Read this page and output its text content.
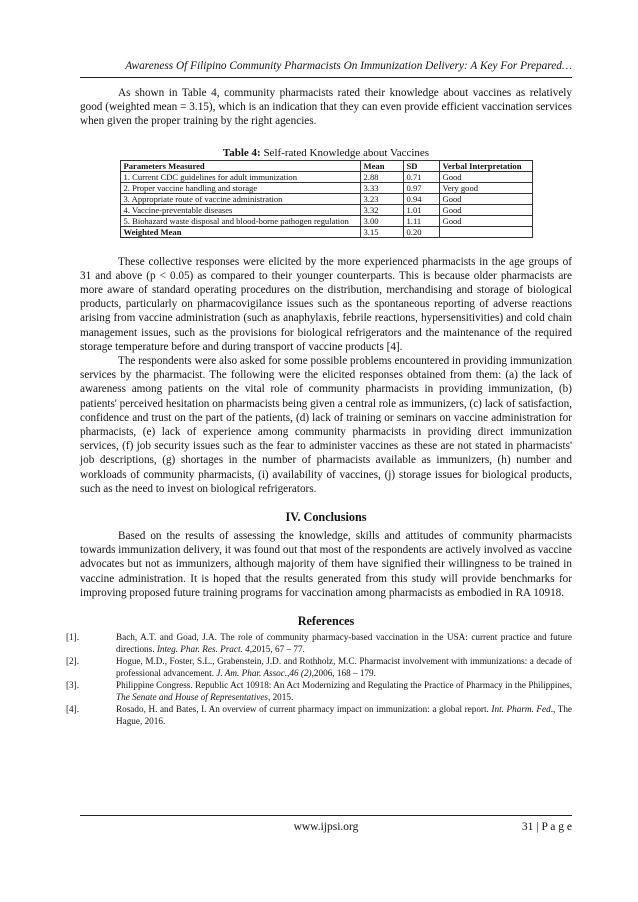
Awareness Of Filipino Community Pharmacists On Immunization Delivery: A Key For Prepared…

As shown in Table 4, community pharmacists rated their knowledge about vaccines as relatively good (weighted mean = 3.15), which is an indication that they can even provide efficient vaccination services when given the proper training by the right agencies.

Table 4: Self-rated Knowledge about Vaccines
Parameters Measured	Mean	SD	Verbal Interpretation
1. Current CDC guidelines for adult immunization	2.88	0.71	Good
2. Proper vaccine handling and storage	3.33	0.97	Very good
3. Appropriate route of vaccine administration	3.23	0.94	Good
4. Vaccine-preventable diseases	3.32	1.01	Good
5. Biohazard waste disposal and blood-borne pathogen regulation	3.00	1.11	Good
Weighted Mean	3.15	0.20	

These collective responses were elicited by the more experienced pharmacists in the age groups of 31 and above (p < 0.05) as compared to their younger counterparts. This is because older pharmacists are more aware of standard operating procedures on the distribution, merchandising and storage of biological products, particularly on pharmacovigilance issues such as the spontaneous reporting of adverse reactions arising from vaccine administration (such as anaphylaxis, febrile reactions, hypersensitivities) and cold chain management issues, such as the provisions for biological refrigerators and the maintenance of the required storage temperature before and during transport of vaccine products [4].

The respondents were also asked for some possible problems encountered in providing immunization services by the pharmacist. The following were the elicited responses obtained from them: (a) the lack of awareness among patients on the vital role of community pharmacists in providing immunization, (b) patients' perceived hesitation on pharmacists being given a central role as immunizers, (c) lack of satisfaction, confidence and trust on the part of the patients, (d) lack of training or seminars on vaccine administration for pharmacists, (e) lack of experience among community pharmacists in providing direct immunization services, (f) job security issues such as the fear to administer vaccines as these are not stated in pharmacists' job descriptions, (g) shortages in the number of pharmacists available as immunizers, (h) number and workloads of community pharmacists, (i) availability of vaccines, (j) storage issues for biological products, such as the need to invest on biological refrigerators.

IV. Conclusions

Based on the results of assessing the knowledge, skills and attitudes of community pharmacists towards immunization delivery, it was found out that most of the respondents are actively involved as vaccine advocates but not as immunizers, although majority of them have signified their willingness to be trained in vaccine administration. It is hoped that the results generated from this study will provide benchmarks for improving proposed future training programs for vaccination among pharmacists as embodied in RA 10918.

References
[1].	Bach, A.T. and Goad, J.A. The role of community pharmacy-based vaccination in the USA: current practice and future directions. Integ. Phar. Res. Pract. 4,2015, 67 – 77.
[2].	Hogue, M.D., Foster, S.L., Grabenstein, J.D. and Rothholz, M.C. Pharmacist involvement with immunizations: a decade of professional advancement. J. Am. Phar. Assoc.,46 (2),2006, 168 – 179.
[3].	Philippine Congress. Republic Act 10918: An Act Modernizing and Regulating the Practice of Pharmacy in the Philippines, The Senate and House of Representatives, 2015.
[4].	Rosado, H. and Bates, I. An overview of current pharmacy impact on immunization: a global report. Int. Pharm. Fed., The Hague, 2016.
www.ijpsi.org	31 | P a g e
